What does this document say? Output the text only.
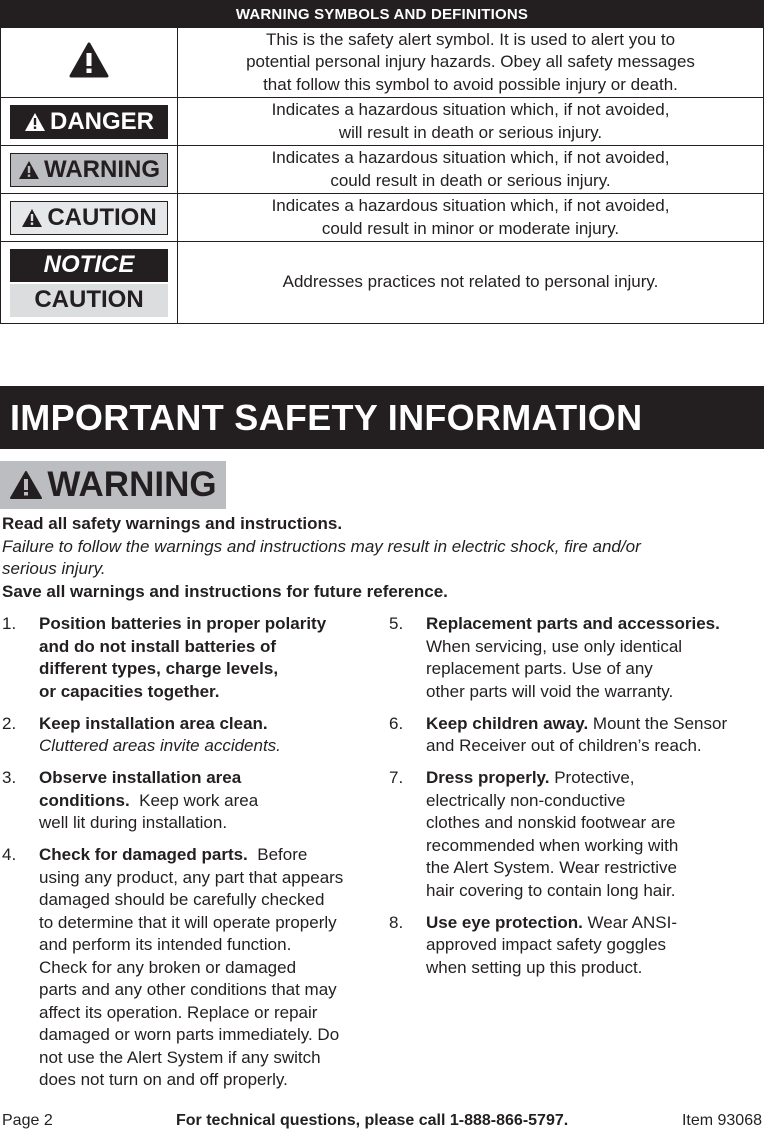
WARNING SYMBOLS AND DEFINITIONS	

This is the safety alert symbol. It is used to alert you to
potential personal injury hazards. Obey all safety messages
that follow this symbol to avoid possible injury or death.

DANGER	Indicates a hazardous situation which, if not avoided,
will result in death or serious injury.

WARNING	Indicates a hazardous situation which, if not avoided,
could result in death or serious injury.

CAUTION	Indicates a hazardous situation which, if not avoided,
could result in minor or moderate injury.

NOTICE
CAUTION	Addresses practices not related to personal injury.
IMPORTANT SAFETY INFORMATION
WARNING

Read all safety warnings and instructions.

Failure to follow the warnings and instructions may result in electric shock, fire and/or

serious injury.

Save all warnings and instructions for future reference.

1.	Position batteries in proper polarity
and do not install batteries of
different types, charge levels,
or capacities together.
2.	Keep installation area clean.
Cluttered areas invite accidents.
3.	Observe installation area
conditions.  Keep work area
well lit during installation.
4.	Check for damaged parts.  Before
using any product, any part that appears
damaged should be carefully checked
to determine that it will operate properly
and perform its intended function.
Check for any broken or damaged
parts and any other conditions that may
affect its operation. Replace or repair
damaged or worn parts immediately. Do
not use the Alert System if any switch
does not turn on and off properly.
5.	Replacement parts and accessories.
When servicing, use only identical
replacement parts. Use of any
other parts will void the warranty.
6.	Keep children away. Mount the Sensor
and Receiver out of children’s reach.
7.	Dress properly. Protective,
electrically non-conductive
clothes and nonskid footwear are
recommended when working with
the Alert System. Wear restrictive
hair covering to contain long hair.
8.	Use eye protection. Wear ANSI-
approved impact safety goggles
when setting up this product.
Page 2	For technical questions, please call 1-888-866-5797.	Item 93068
